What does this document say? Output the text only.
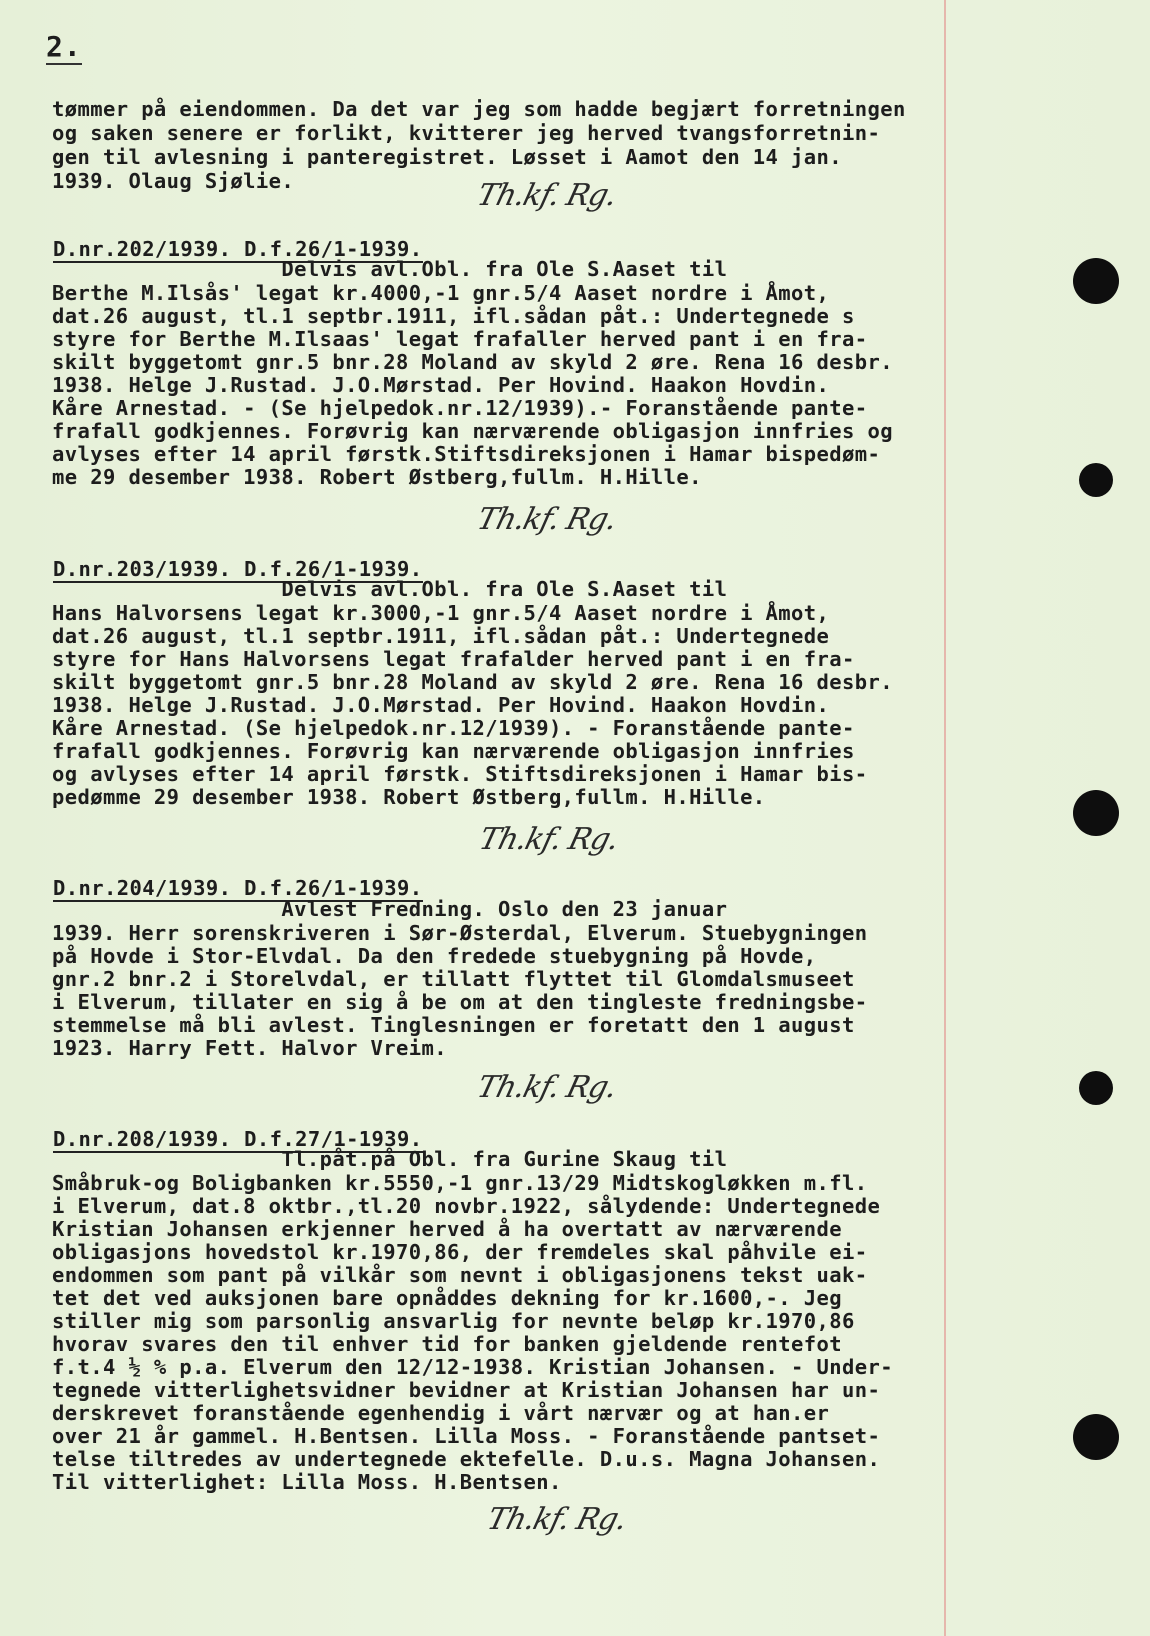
2.
tømmer på eiendommen. Da det var jeg som hadde begjært forretningen
og saken senere er forlikt, kvitterer jeg herved tvangsforretnin-
gen til avlesning i panteregistret. Løsset i Aamot den 14 jan.
1939. Olaug Sjølie.	Th.kf. Rg.
D.nr.202/1939. D.f.26/1-1939.
Delvis avl.Obl. fra Ole S.Aaset til
Berthe M.Ilsås' legat kr.4000,-1 gnr.5/4 Aaset nordre i Åmot,
dat.26 august, tl.1 septbr.1911, ifl.sådan påt.: Undertegnede s
styre for Berthe M.Ilsaas' legat frafaller herved pant i en fra-
skilt byggetomt gnr.5 bnr.28 Moland av skyld 2 øre. Rena 16 desbr.
1938. Helge J.Rustad. J.O.Mørstad. Per Hovind. Haakon Hovdin.
Kåre Arnestad. - (Se hjelpedok.nr.12/1939).- Foranstående pante-
frafall godkjennes. Forøvrig kan nærværende obligasjon innfries og
avlyses efter 14 april førstk.Stiftsdireksjonen i Hamar bispedøm-
me 29 desember 1938. Robert Østberg,fullm. H.Hille.
Th.kf. Rg.
D.nr.203/1939. D.f.26/1-1939.
Delvis avl.Obl. fra Ole S.Aaset til
Hans Halvorsens legat kr.3000,-1 gnr.5/4 Aaset nordre i Åmot,
dat.26 august, tl.1 septbr.1911, ifl.sådan påt.: Undertegnede
styre for Hans Halvorsens legat frafalder herved pant i en fra-
skilt byggetomt gnr.5 bnr.28 Moland av skyld 2 øre. Rena 16 desbr.
1938. Helge J.Rustad. J.O.Mørstad. Per Hovind. Haakon Hovdin.
Kåre Arnestad. (Se hjelpedok.nr.12/1939). - Foranstående pante-
frafall godkjennes. Forøvrig kan nærværende obligasjon innfries
og avlyses efter 14 april førstk. Stiftsdireksjonen i Hamar bis-
pedømme 29 desember 1938. Robert Østberg,fullm. H.Hille.
Th.kf. Rg.
D.nr.204/1939. D.f.26/1-1939.
Avlest Fredning. Oslo den 23 januar
1939. Herr sorenskriveren i Sør-Østerdal, Elverum. Stuebygningen
på Hovde i Stor-Elvdal. Da den fredede stuebygning på Hovde,
gnr.2 bnr.2 i Storelvdal, er tillatt flyttet til Glomdalsmuseet
i Elverum, tillater en sig å be om at den tingleste fredningsbe-
stemmelse må bli avlest. Tinglesningen er foretatt den 1 august
1923. Harry Fett. Halvor Vreim.
Th.kf. Rg.
D.nr.208/1939. D.f.27/1-1939.
Tl.påt.på Obl. fra Gurine Skaug til
Småbruk-og Boligbanken kr.5550,-1 gnr.13/29 Midtskogløkken m.fl.
i Elverum, dat.8 oktbr.,tl.20 novbr.1922, sålydende: Undertegnede
Kristian Johansen erkjenner herved å ha overtatt av nærværende
obligasjons hovedstol kr.1970,86, der fremdeles skal påhvile ei-
endommen som pant på vilkår som nevnt i obligasjonens tekst uak-
tet det ved auksjonen bare opnåddes dekning for kr.1600,-. Jeg
stiller mig som parsonlig ansvarlig for nevnte beløp kr.1970,86
hvorav svares den til enhver tid for banken gjeldende rentefot
f.t.4 ½ % p.a. Elverum den 12/12-1938. Kristian Johansen. - Under-
tegnede vitterlighetsvidner bevidner at Kristian Johansen har un-
derskrevet foranstående egenhendig i vårt nærvær og at han.er
over 21 år gammel. H.Bentsen. Lilla Moss. - Foranstående pantset-
telse tiltredes av undertegnede ektefelle. D.u.s. Magna Johansen.
Til vitterlighet: Lilla Moss. H.Bentsen.
Th.kf. Rg.
